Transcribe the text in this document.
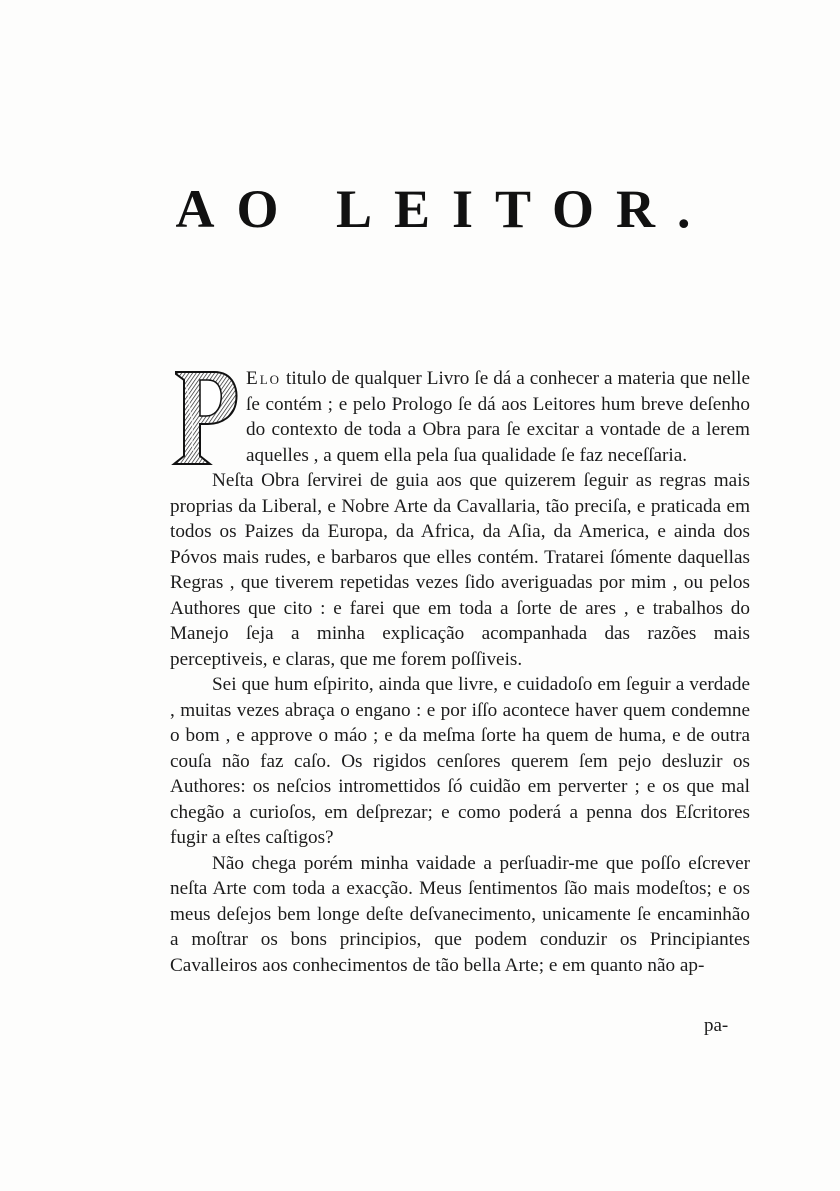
AO LEITOR.

Elo titulo de qualquer Livro ſe dá a conhecer a materia que nelle ſe contém ; e pelo Prologo ſe dá aos Leitores hum breve deſenho do contexto de toda a Obra para ſe excitar a vontade de a lerem aquelles , a quem ella pela ſua qualidade ſe faz neceſſaria.

Neſta Obra ſervirei de guia aos que quizerem ſeguir as regras mais proprias da Liberal, e Nobre Arte da Cavallaria, tão preciſa, e praticada em todos os Paizes da Europa, da Africa, da Aſia, da America, e ainda dos Póvos mais rudes, e barbaros que elles contém. Tratarei ſómente daquellas Regras , que tiverem repetidas vezes ſido averiguadas por mim , ou pelos Authores que cito : e farei que em toda a ſorte de ares , e trabalhos do Manejo ſeja a minha explicação acompanhada das razões mais perceptiveis, e claras, que me forem poſſiveis.

Sei que hum eſpirito, ainda que livre, e cuidadoſo em ſeguir a verdade , muitas vezes abraça o engano : e por iſſo acontece haver quem condemne o bom , e approve o máo ; e da meſma ſorte ha quem de huma, e de outra couſa não faz caſo. Os rigidos cenſores querem ſem pejo desluzir os Authores: os neſcios intromettidos ſó cuidão em perverter ; e os que mal chegão a curioſos, em deſprezar; e como poderá a penna dos Eſcritores fugir a eſtes caſtigos?

Não chega porém minha vaidade a perſuadir-me que poſſo eſcrever neſta Arte com toda a exacção. Meus ſentimentos ſão mais modeſtos; e os meus deſejos bem longe deſte deſvanecimento, unicamente ſe encaminhão a moſtrar os bons principios, que podem conduzir os Principiantes Cavalleiros aos conhecimentos de tão bella Arte; e em quanto não ap-

pa-
